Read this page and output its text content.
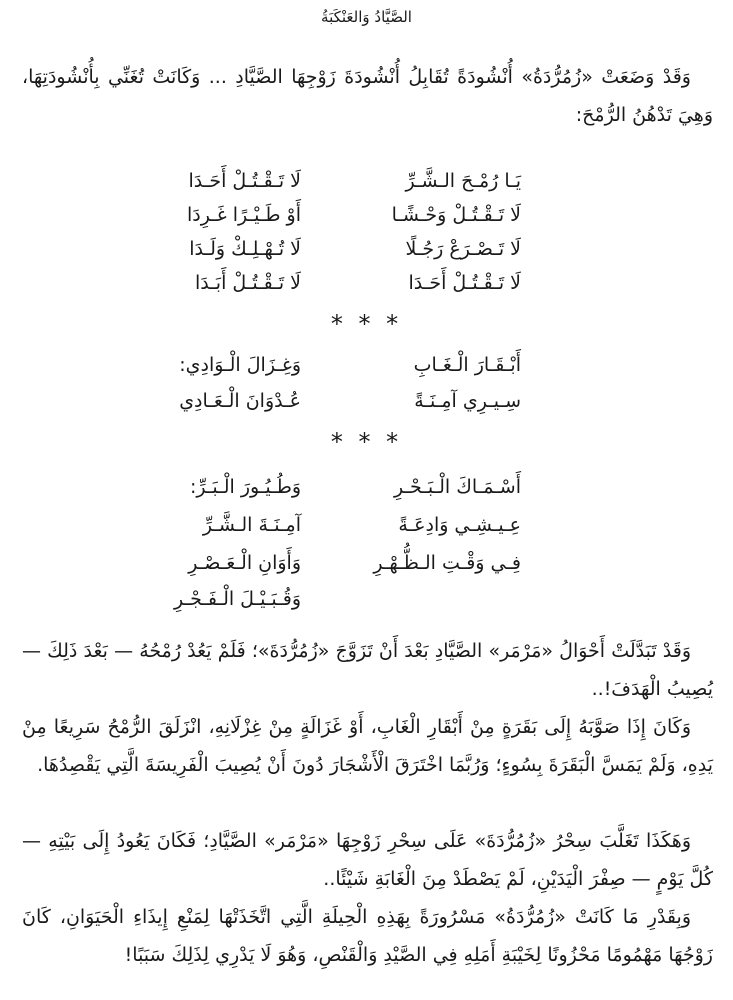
الصَّيَّادُ وَالعَنْكَبَةُ
وَقَدْ وَضَعَتْ «زُمُرُّدَةُ» أُنْشُودَةً تُقَابِلُ أُنْشُودَةَ زَوْجِهَا الصَّيَّادِ ... وَكَانَتْ تُغَنِّي بِأُنْشُودَتِهَا، وَهِيَ تَدْهُنُ الرُّمْحَ:
يَـا رُمْـحَ الـشَّـرِّ
لَا تَـقْـتُـلْ أَحَـدَا
لَا تَـقْـتُـلْ وَحْـشًـا
أَوْ طَـيْـرًا غَـرِدَا
لَا تَـصْـرَعْ رَجُـلًا
لَا تُـهْـلِـكْ وَلَـدَا
لَا تَـقْـتُـلْ أَحَـدَا
لَا تَـقْـتُـلْ أَبَـدَا
* * *
أَبْـقَـارَ الْـغَـابِ
وَغِـزَالَ الْـوَادِي:
سِـيـرِي آمِـنَـةً
عُـدْوَانَ الْـعَـادِي
* * *
أَسْـمَـاكَ الْـبَـحْـرِ
وَطُـيُـورَ الْـبَـرِّ:
عِـيـشِـي وَادِعَـةً
آمِـنَـةَ الـشَّـرِّ
فِـي وَقْـتِ الـظُّـهْـرِ
وَأَوَانِ الْـعَـصْـرِ
وَقُـبَـيْـلَ الْـفَـجْـرِ
وَقَدْ تَبَدَّلَتْ أَحْوَالُ «مَرْمَر» الصَّيَّادِ بَعْدَ أَنْ تَزَوَّجَ «زُمُرُّدَةَ»؛ فَلَمْ يَعُدْ رُمْحُهُ — بَعْدَ ذَلِكَ — يُصِيبُ الْهَدَفَ!..
وَكَانَ إِذَا صَوَّبَهُ إِلَى بَقَرَةٍ مِنْ أَبْقَارِ الْغَابِ، أَوْ غَزَالَةٍ مِنْ غِزْلَانِهِ، انْزَلَقَ الرُّمْحُ سَرِيعًا مِنْ يَدِهِ، وَلَمْ يَمَسَّ الْبَقَرَةَ بِسُوءٍ؛ وَرُبَّمَا اخْتَرَقَ الْأَشْجَارَ دُونَ أَنْ يُصِيبَ الْفَرِيسَةَ الَّتِي يَقْصِدُهَا.
وَهَكَذَا تَغَلَّبَ سِحْرُ «زُمُرُّدَةَ» عَلَى سِحْرِ زَوْجِهَا «مَرْمَر» الصَّيَّادِ؛ فَكَانَ يَعُودُ إِلَى بَيْتِهِ — كُلَّ يَوْمٍ — صِفْرَ الْيَدَيْنِ، لَمْ يَصْطَدْ مِنَ الْغَابَةِ شَيْئًا..
وَبِقَدْرِ مَا كَانَتْ «زُمُرُّدَةُ» مَسْرُورَةً بِهَذِهِ الْحِيلَةِ الَّتِي اتَّخَذَتْهَا لِمَنْعِ إِيذَاءِ الْحَيَوَانِ، كَانَ زَوْجُهَا مَهْمُومًا مَحْزُونًا لِخَيْبَةِ أَمَلِهِ فِي الصَّيْدِ وَالْقَنْصِ، وَهُوَ لَا يَدْرِي لِذَلِكَ سَبَبًا!
